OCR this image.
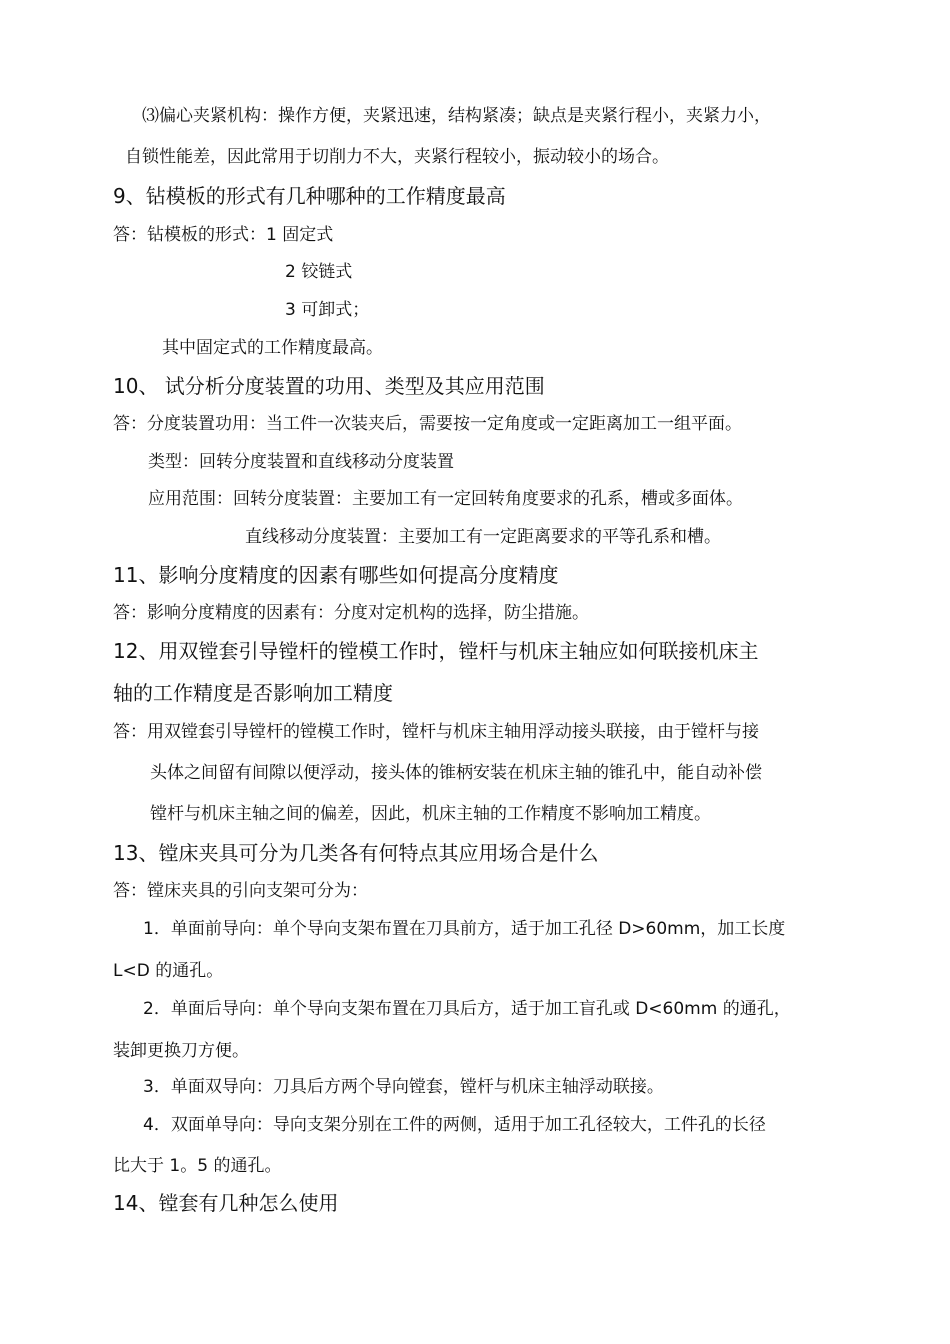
⑶偏心夹紧机构：操作方便，夹紧迅速，结构紧凑；缺点是夹紧行程小，夹紧力小，
自锁性能差，因此常用于切削力不大，夹紧行程较小，振动较小的场合。
9、钻模板的形式有几种哪种的工作精度最高
答：钻模板的形式：1 固定式
2 铰链式
3 可卸式；
其中固定式的工作精度最高。
10、 试分析分度装置的功用、类型及其应用范围
答：分度装置功用：当工件一次装夹后，需要按一定角度或一定距离加工一组平面。
类型：回转分度装置和直线移动分度装置
应用范围：回转分度装置：主要加工有一定回转角度要求的孔系，槽或多面体。
直线移动分度装置：主要加工有一定距离要求的平等孔系和槽。
11、影响分度精度的因素有哪些如何提高分度精度
答：影响分度精度的因素有：分度对定机构的选择，防尘措施。
12、用双镗套引导镗杆的镗模工作时，镗杆与机床主轴应如何联接机床主
轴的工作精度是否影响加工精度
答：用双镗套引导镗杆的镗模工作时，镗杆与机床主轴用浮动接头联接，由于镗杆与接
头体之间留有间隙以便浮动，接头体的锥柄安装在机床主轴的锥孔中，能自动补偿
镗杆与机床主轴之间的偏差，因此，机床主轴的工作精度不影响加工精度。
13、镗床夹具可分为几类各有何特点其应用场合是什么
答：镗床夹具的引向支架可分为：
1．单面前导向：单个导向支架布置在刀具前方，适于加工孔径 D>60mm，加工长度
L<D 的通孔。
2．单面后导向：单个导向支架布置在刀具后方，适于加工盲孔或 D<60mm 的通孔，
装卸更换刀方便。
3．单面双导向：刀具后方两个导向镗套，镗杆与机床主轴浮动联接。
4．双面单导向：导向支架分别在工件的两侧，适用于加工孔径较大，工件孔的长径
比大于 1。5 的通孔。
14、镗套有几种怎么使用
